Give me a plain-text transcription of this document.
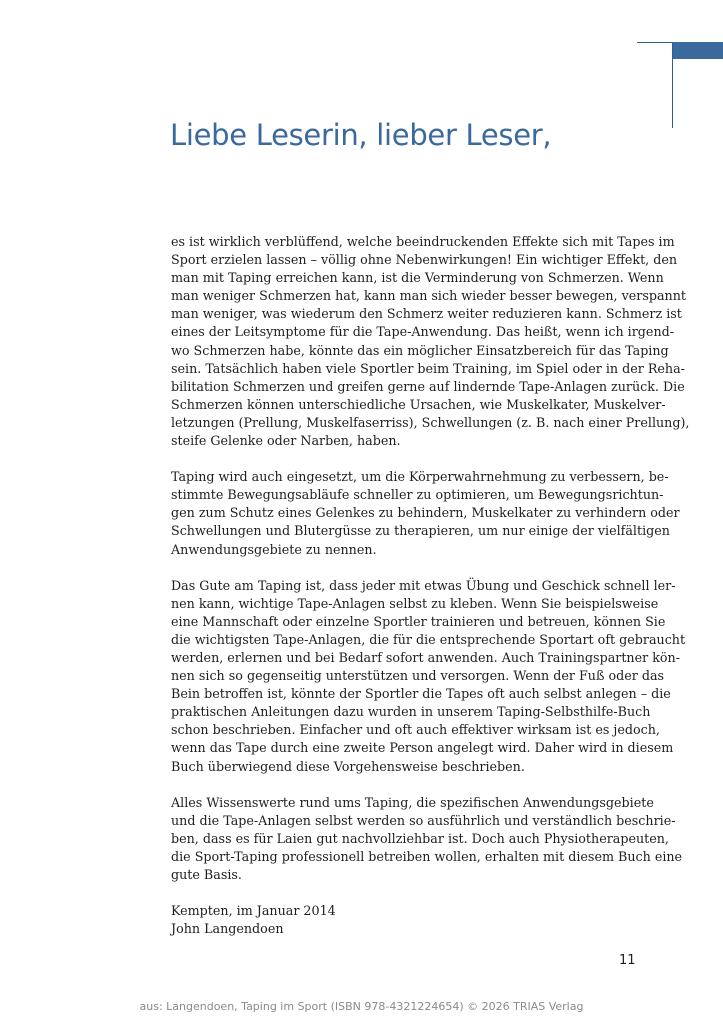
Liebe Leserin, lieber Leser,

es ist wirklich verblüffend, welche beeindruckenden Effekte sich mit Tapes im
Sport erzielen lassen – völlig ohne Nebenwirkungen! Ein wichtiger Effekt, den
man mit Taping erreichen kann, ist die Verminderung von Schmerzen. Wenn
man weniger Schmerzen hat, kann man sich wieder besser bewegen, verspannt
man weniger, was wiederum den Schmerz weiter reduzieren kann. Schmerz ist
eines der Leitsymptome für die Tape-Anwendung. Das heißt, wenn ich irgend-
wo Schmerzen habe, könnte das ein möglicher Einsatzbereich für das Taping
sein. Tatsächlich haben viele Sportler beim Training, im Spiel oder in der Reha-
bilitation Schmerzen und greifen gerne auf lindernde Tape-Anlagen zurück. Die
Schmerzen können unterschiedliche Ursachen, wie Muskelkater, Muskelver-
letzungen (Prellung, Muskelfaserriss), Schwellungen (z. B. nach einer Prellung),
steife Gelenke oder Narben, haben.

Taping wird auch eingesetzt, um die Körperwahrnehmung zu verbessern, be-
stimmte Bewegungsabläufe schneller zu optimieren, um Bewegungsrichtun-
gen zum Schutz eines Gelenkes zu behindern, Muskelkater zu verhindern oder
Schwellungen und Blutergüsse zu therapieren, um nur einige der vielfältigen
Anwendungsgebiete zu nennen.

Das Gute am Taping ist, dass jeder mit etwas Übung und Geschick schnell ler-
nen kann, wichtige Tape-Anlagen selbst zu kleben. Wenn Sie beispielsweise
eine Mannschaft oder einzelne Sportler trainieren und betreuen, können Sie
die wichtigsten Tape-Anlagen, die für die entsprechende Sportart oft gebraucht
werden, erlernen und bei Bedarf sofort anwenden. Auch Trainingspartner kön-
nen sich so gegenseitig unterstützen und versorgen. Wenn der Fuß oder das
Bein betroffen ist, könnte der Sportler die Tapes oft auch selbst anlegen – die
praktischen Anleitungen dazu wurden in unserem Taping-Selbsthilfe-Buch
schon beschrieben. Einfacher und oft auch effektiver wirksam ist es jedoch,
wenn das Tape durch eine zweite Person angelegt wird. Daher wird in diesem
Buch überwiegend diese Vorgehensweise beschrieben.

Alles Wissenswerte rund ums Taping, die spezifischen Anwendungsgebiete
und die Tape-Anlagen selbst werden so ausführlich und verständlich beschrie-
ben, dass es für Laien gut nachvollziehbar ist. Doch auch Physiotherapeuten,
die Sport-Taping professionell betreiben wollen, erhalten mit diesem Buch eine
gute Basis.

Kempten, im Januar 2014
John Langendoen

11
aus: Langendoen, Taping im Sport (ISBN 978-4321224654) © 2026 TRIAS Verlag
